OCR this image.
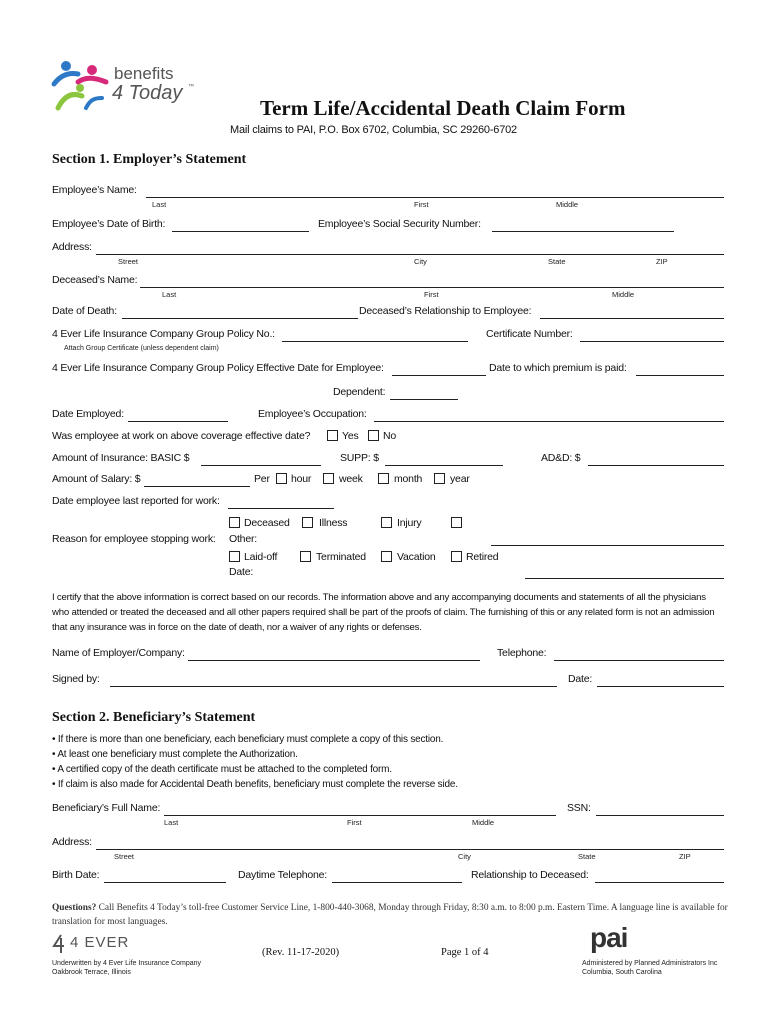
benefits
4 Today ™
Term Life/Accidental Death Claim Form
Mail claims to PAI, P.O. Box 6702, Columbia, SC 29260-6702
Section 1. Employer’s Statement
Employee’s Name:
Last	First	Middle
Employee’s Date of Birth:	Employee’s Social Security Number:
Address:
Street	City	State	ZIP
Deceased’s Name:
Last	First	Middle
Date of Death:	Deceased’s Relationship to Employee:
4 Ever Life Insurance Company Group Policy No.:	Certificate Number:
Attach Group Certificate (unless dependent claim)
4 Ever Life Insurance Company Group Policy Effective Date for Employee:	Date to which premium is paid:
Dependent:
Date Employed:	Employee’s Occupation:
Was employee at work on above coverage effective date?	Yes No
Amount of Insurance: BASIC $	SUPP: $	AD&D: $
Amount of Salary: $	Per hour	week	month	year
Date employee last reported for work:
Deceased	Illness	Injury
Reason for employee stopping work: Other:
Laid-off	Terminated	Vacation	Retired
Date:
I certify that the above information is correct based on our records. The information above and any accompanying documents and statements of all the physicians who attended or treated the deceased and all other papers required shall be part of the proofs of claim. The furnishing of this or any related form is not an admission that any insurance was in force on the date of death, nor a waiver of any rights or defenses.
Name of Employer/Company:	Telephone:
Signed by:	Date:
Section 2. Beneficiary’s Statement
• If there is more than one beneficiary, each beneficiary must complete a copy of this section.
• At least one beneficiary must complete the Authorization.
• A certified copy of the death certificate must be attached to the completed form.
• If claim is also made for Accidental Death benefits, beneficiary must complete the reverse side.
Beneficiary’s Full Name:	SSN:
Last	First	Middle
Address:
Street	City	State	ZIP
Birth Date:	Daytime Telephone:	Relationship to Deceased:
Questions? Call Benefits 4 Today’s toll-free Customer Service Line, 1-800-440-3068, Monday through Friday, 8:30 a.m. to 8:00 p.m. Eastern Time. A language line is available for translation for most languages.
4 EVER
Underwritten by 4 Ever Life Insurance Company
Oakbrook Terrace, Illinois
(Rev. 11-17-2020)	Page 1 of 4	pai
Administered by Planned Administrators Inc
Columbia, South Carolina
